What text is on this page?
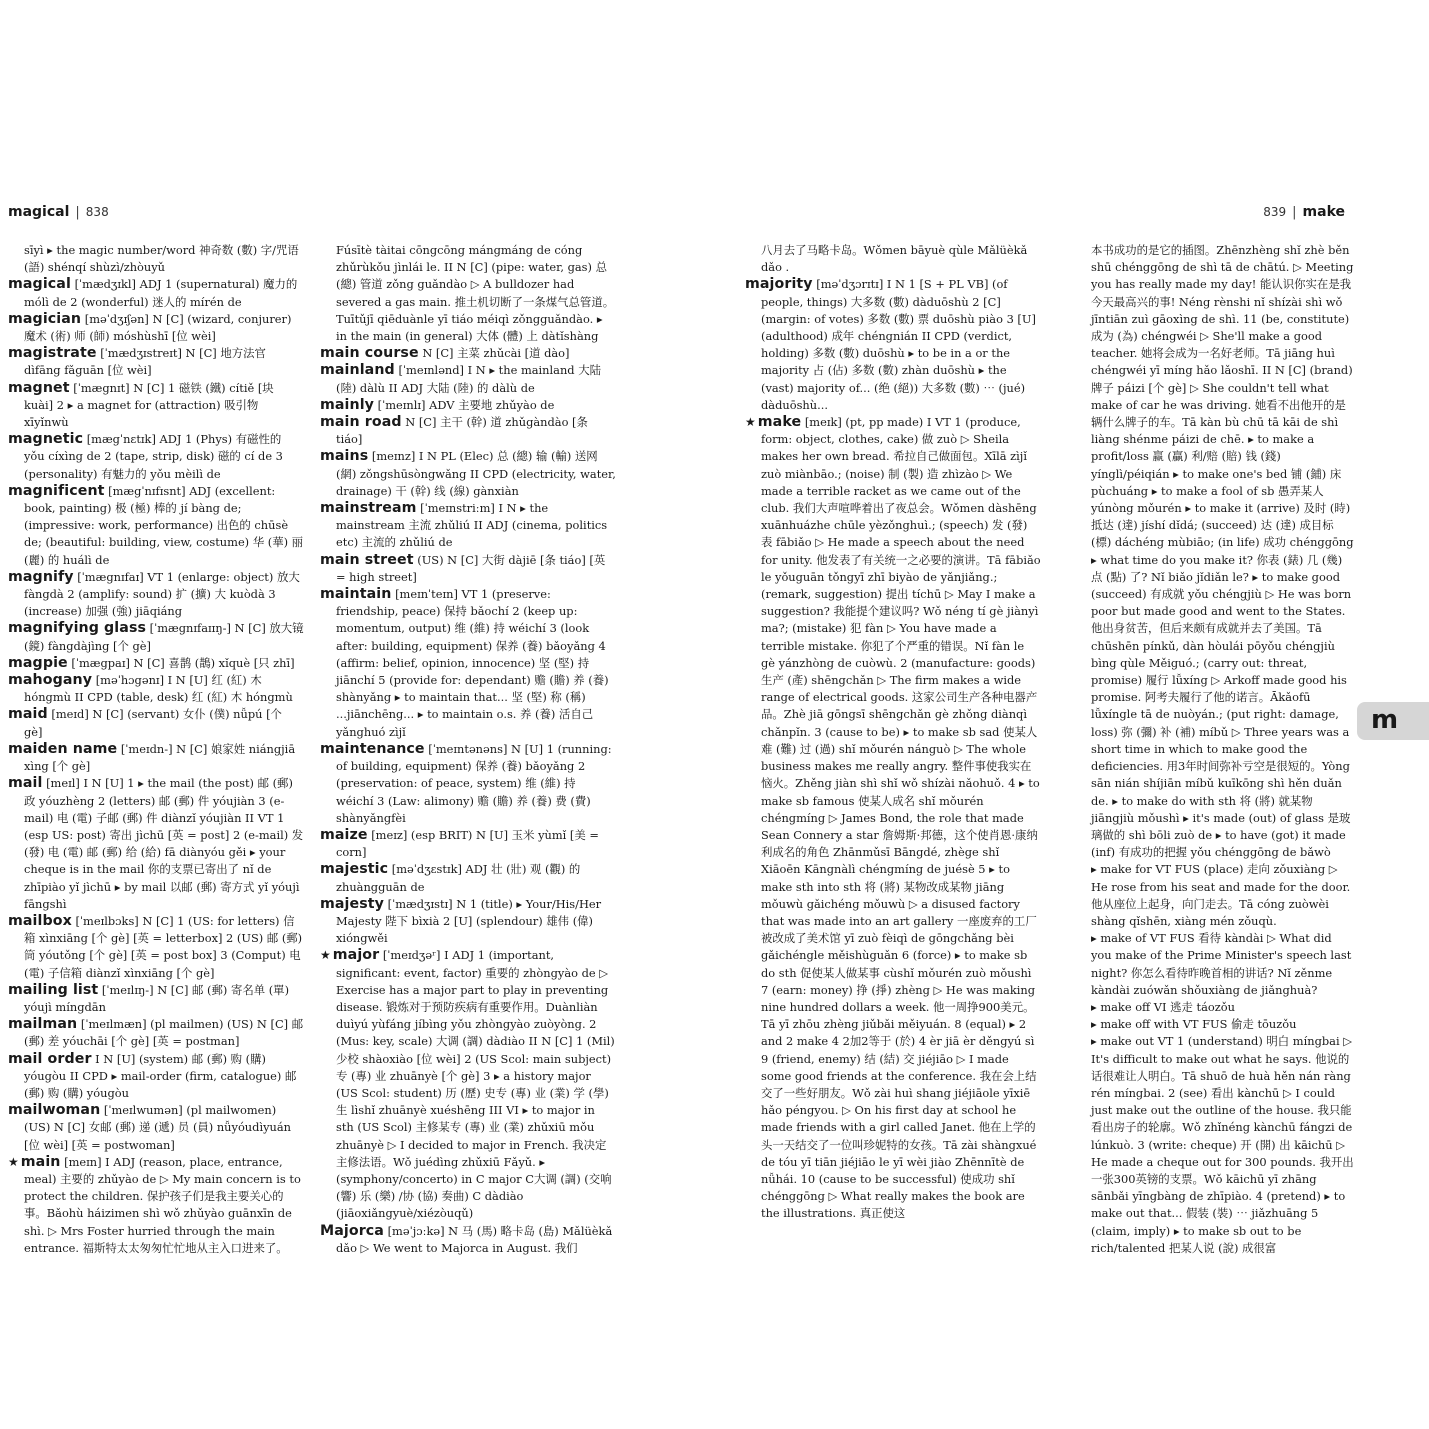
magical | 838

sīyì ▸ the magic number/word 神奇数 (數) 字/咒语 (語) shénqí shùzì/zhòuyǔ

magical [ˈmædʒɪkl] ADJ 1 (supernatural) 魔力的 mólì de 2 (wonderful) 迷人的 mírén de

magician [məˈdʒɪʃən] N [C] (wizard, conjurer) 魔术 (術) 师 (師) móshùshī [位 wèi]

magistrate [ˈmædʒɪstreɪt] N [C] 地方法官 dìfāng fǎguān [位 wèi]

magnet [ˈmægnɪt] N [C] 1 磁铁 (鐵) cítiě [块 kuài] 2 ▸ a magnet for (attraction) 吸引物 xīyǐnwù

magnetic [mægˈnɛtɪk] ADJ 1 (Phys) 有磁性的 yǒu cíxìng de 2 (tape, strip, disk) 磁的 cí de 3 (personality) 有魅力的 yǒu mèilì de

magnificent [mægˈnɪfɪsnt] ADJ (excellent: book, painting) 极 (極) 棒的 jí bàng de; (impressive: work, performance) 出色的 chūsè de; (beautiful: building, view, costume) 华 (華) 丽 (麗) 的 huálì de

magnify [ˈmægnɪfaɪ] VT 1 (enlarge: object) 放大 fàngdà 2 (amplify: sound) 扩 (擴) 大 kuòdà 3 (increase) 加强 (強) jiāqiáng

magnifying glass [ˈmægnɪfaɪɪŋ-] N [C] 放大镜 (鏡) fàngdàjìng [个 gè]

magpie [ˈmægpaɪ] N [C] 喜鹊 (鵲) xǐquè [只 zhī]

mahogany [məˈhɔgənɪ] I N [U] 红 (紅) 木 hóngmù II CPD (table, desk) 红 (紅) 木 hóngmù

maid [meɪd] N [C] (servant) 女仆 (僕) nǚpú [个 gè]

maiden name [ˈmeɪdn-] N [C] 娘家姓 niángjiā xìng [个 gè]

mail [meɪl] I N [U] 1 ▸ the mail (the post) 邮 (郵) 政 yóuzhèng 2 (letters) 邮 (郵) 件 yóujiàn 3 (e-mail) 电 (電) 子邮 (郵) 件 diànzǐ yóujiàn II VT 1 (esp US: post) 寄出 jìchū [英 = post] 2 (e-mail) 发 (發) 电 (電) 邮 (郵) 给 (給) fā diànyóu gěi ▸ your cheque is in the mail 你的支票已寄出了 nǐ de zhīpiào yǐ jìchū ▸ by mail 以邮 (郵) 寄方式 yǐ yóujì fāngshì

mailbox [ˈmeɪlbɔks] N [C] 1 (US: for letters) 信箱 xìnxiāng [个 gè] [英 = letterbox] 2 (US) 邮 (郵) 筒 yóutǒng [个 gè] [英 = post box] 3 (Comput) 电 (電) 子信箱 diànzǐ xìnxiāng [个 gè]

mailing list [ˈmeɪlɪŋ-] N [C] 邮 (郵) 寄名单 (單) yóujì míngdān

mailman [ˈmeɪlmæn] (pl mailmen) (US) N [C] 邮 (郵) 差 yóuchāi [个 gè] [英 = postman]

mail order I N [U] (system) 邮 (郵) 购 (購) yóugòu II CPD ▸ mail-order (firm, catalogue) 邮 (郵) 购 (購) yóugòu

mailwoman [ˈmeɪlwumən] (pl mailwomen) (US) N [C] 女邮 (郵) 递 (遞) 员 (員) nǚyóudìyuán [位 wèi] [英 = postwoman]

★ main [meɪn] I ADJ (reason, place, entrance, meal) 主要的 zhǔyào de ▷ My main concern is to protect the children. 保护孩子们是我主要关心的事。Bǎohù háizimen shì wǒ zhǔyào guānxīn de shì. ▷ Mrs Foster hurried through the main entrance. 福斯特太太匆匆忙忙地从主入口进来了。

Fúsītè tàitai cōngcōng mángmáng de cóng zhǔrùkǒu jìnlái le. II N [C] (pipe: water, gas) 总 (總) 管道 zǒng guǎndào ▷ A bulldozer had severed a gas main. 推土机切断了一条煤气总管道。Tuītǔjī qiēduànle yī tiáo méiqì zǒngguǎndào. ▸ in the main (in general) 大体 (體) 上 dàtǐshàng

main course N [C] 主菜 zhǔcài [道 dào]

mainland [ˈmeɪnlənd] I N ▸ the mainland 大陆 (陸) dàlù II ADJ 大陆 (陸) 的 dàlù de

mainly [ˈmeɪnlɪ] ADV 主要地 zhǔyào de

main road N [C] 主干 (幹) 道 zhǔgàndào [条 tiáo]

mains [meɪnz] I N PL (Elec) 总 (總) 输 (輸) 送网 (網) zǒngshūsòngwǎng II CPD (electricity, water, drainage) 干 (幹) 线 (線) gànxiàn

mainstream [ˈmeɪnstriːm] I N ▸ the mainstream 主流 zhǔliú II ADJ (cinema, politics etc) 主流的 zhǔliú de

main street (US) N [C] 大街 dàjiē [条 tiáo] [英 = high street]

maintain [meɪnˈteɪn] VT 1 (preserve: friendship, peace) 保持 bǎochí 2 (keep up: momentum, output) 维 (維) 持 wéichí 3 (look after: building, equipment) 保养 (養) bǎoyǎng 4 (affirm: belief, opinion, innocence) 坚 (堅) 持 jiānchí 5 (provide for: dependant) 赡 (贍) 养 (養) shànyǎng ▸ to maintain that... 坚 (堅) 称 (稱) ...jiānchēng... ▸ to maintain o.s. 养 (養) 活自己 yǎnghuó zìjǐ

maintenance [ˈmeɪntənəns] N [U] 1 (running: of building, equipment) 保养 (養) bǎoyǎng 2 (preservation: of peace, system) 维 (維) 持 wéichí 3 (Law: alimony) 赡 (贍) 养 (養) 费 (費) shànyǎngfèi

maize [meɪz] (esp BRIT) N [U] 玉米 yùmǐ [美 = corn]

majestic [məˈdʒɛstɪk] ADJ 壮 (壯) 观 (觀) 的 zhuàngguān de

majesty [ˈmædʒɪstɪ] N 1 (title) ▸ Your/His/Her Majesty 陛下 bìxià 2 [U] (splendour) 雄伟 (偉) xióngwěi

★ major [ˈmeɪdʒəʳ] I ADJ 1 (important, significant: event, factor) 重要的 zhòngyào de ▷ Exercise has a major part to play in preventing disease. 锻炼对于预防疾病有重要作用。Duànliàn duìyú yùfáng jíbìng yǒu zhòngyào zuòyòng. 2 (Mus: key, scale) 大调 (調) dàdiào II N [C] 1 (Mil) 少校 shàoxiào [位 wèi] 2 (US Scol: main subject) 专 (專) 业 zhuānyè [个 gè] 3 ▸ a history major (US Scol: student) 历 (歷) 史专 (專) 业 (業) 学 (學) 生 lìshǐ zhuānyè xuéshēng III VI ▸ to major in sth (US Scol) 主修某专 (專) 业 (業) zhǔxiū mǒu zhuānyè ▷ I decided to major in French. 我决定主修法语。Wǒ juédìng zhǔxiū Fǎyǔ. ▸ (symphony/concerto) in C major C大调 (調) (交响 (響) 乐 (樂) /协 (協) 奏曲) C dàdiào (jiāoxiǎngyuè/xiézòuqǔ)

Majorca [məˈjɔːkə] N 马 (馬) 略卡岛 (島) Mǎlüèkǎ dǎo ▷ We went to Majorca in August. 我们

839 | make

八月去了马略卡岛。Wǒmen bāyuè qùle Mǎlüèkǎ dǎo .

majority [məˈdʒɔrɪtɪ] I N 1 [S + PL VB] (of people, things) 大多数 (數) dàduōshù 2 [C] (margin: of votes) 多数 (數) 票 duōshù piào 3 [U] (adulthood) 成年 chéngnián II CPD (verdict, holding) 多数 (數) duōshù ▸ to be in a or the majority 占 (佔) 多数 (數) zhàn duōshù ▸ the (vast) majority of... (绝 (絕)) 大多数 (數) ⋯ (jué) dàduōshù...

★ make [meɪk] (pt, pp made) I VT 1 (produce, form: object, clothes, cake) 做 zuò ▷ Sheila makes her own bread. 希拉自己做面包。Xīlā zìjǐ zuò miànbāo.; (noise) 制 (製) 造 zhìzào ▷ We made a terrible racket as we came out of the club. 我们大声喧哗着出了夜总会。Wǒmen dàshēng xuānhuázhe chūle yèzǒnghuì.; (speech) 发 (發) 表 fābiǎo ▷ He made a speech about the need for unity. 他发表了有关统一之必要的演讲。Tā fābiǎo le yǒuguān tǒngyī zhī biyào de yǎnjiǎng.; (remark, suggestion) 提出 tíchū ▷ May I make a suggestion? 我能提个建议吗? Wǒ néng tí gè jiànyì ma?; (mistake) 犯 fàn ▷ You have made a terrible mistake. 你犯了个严重的错误。Nǐ fàn le gè yánzhòng de cuòwù. 2 (manufacture: goods) 生产 (產) shēngchǎn ▷ The firm makes a wide range of electrical goods. 这家公司生产各种电器产品。Zhè jiā gōngsī shēngchǎn gè zhǒng diànqì chǎnpǐn. 3 (cause to be) ▸ to make sb sad 使某人难 (難) 过 (過) shǐ mǒurén nánguò ▷ The whole business makes me really angry. 整件事使我实在恼火。Zhěng jiàn shì shǐ wǒ shízài nǎohuǒ. 4 ▸ to make sb famous 使某人成名 shǐ mǒurén chéngmíng ▷ James Bond, the role that made Sean Connery a star 詹姆斯·邦德，这个使肖恩·康纳利成名的角色 Zhānmǔsī Bāngdé, zhège shǐ Xiāoēn Kāngnàlì chéngmíng de juésè 5 ▸ to make sth into sth 将 (將) 某物改成某物 jiāng mǒuwù gǎichéng mǒuwù ▷ a disused factory that was made into an art gallery 一座废弃的工厂被改成了美术馆 yī zuò fèiqì de gōngchǎng bèi gǎichéngle měishùguǎn 6 (force) ▸ to make sb do sth 促使某人做某事 cùshǐ mǒurén zuò mǒushì 7 (earn: money) 挣 (掙) zhèng ▷ He was making nine hundred dollars a week. 他一周挣900美元。Tā yī zhōu zhèng jiǔbǎi měiyuán. 8 (equal) ▸ 2 and 2 make 4 2加2等于 (於) 4 èr jiā èr děngyú sì 9 (friend, enemy) 结 (結) 交 jiéjiāo ▷ I made some good friends at the conference. 我在会上结交了一些好朋友。Wǒ zài huì shang jiéjiāole yīxiē hǎo péngyou. ▷ On his first day at school he made friends with a girl called Janet. 他在上学的头一天结交了一位叫珍妮特的女孩。Tā zài shàngxué de tóu yī tiān jiéjiāo le yī wèi jiào Zhēnnītè de nǚhái. 10 (cause to be successful) 使成功 shǐ chénggōng ▷ What really makes the book are the illustrations. 真正使这

本书成功的是它的插图。Zhēnzhèng shǐ zhè běn shū chénggōng de shì tā de chātú. ▷ Meeting you has really made my day! 能认识你实在是我今天最高兴的事! Néng rènshi nǐ shízài shì wǒ jīntiān zuì gāoxìng de shì. 11 (be, constitute) 成为 (為) chéngwéi ▷ She'll make a good teacher. 她将会成为一名好老师。Tā jiāng huì chéngwéi yī míng hǎo lǎoshī. II N [C] (brand) 牌子 páizi [个 gè] ▷ She couldn't tell what make of car he was driving. 她看不出他开的是辆什么牌子的车。Tā kàn bù chū tā kāi de shì liàng shénme páizi de chē. ▸ to make a profit/loss 赢 (贏) 利/赔 (賠) 钱 (錢) yínglì/péiqián ▸ to make one's bed 铺 (鋪) 床 pùchuáng ▸ to make a fool of sb 愚弄某人 yúnòng mǒurén ▸ to make it (arrive) 及时 (時) 抵达 (達) jíshí dǐdá; (succeed) 达 (達) 成目标 (標) dáchéng mùbiāo; (in life) 成功 chénggōng ▸ what time do you make it? 你表 (錶) 几 (幾) 点 (點) 了? Nǐ biǎo jǐdiǎn le? ▸ to make good (succeed) 有成就 yǒu chéngjiù ▷ He was born poor but made good and went to the States. 他出身贫苦，但后来颇有成就并去了美国。Tā chūshēn pínkǔ, dàn hòulái pōyǒu chéngjiù bìng qùle Měiguó.; (carry out: threat, promise) 履行 lǚxíng ▷ Arkoff made good his promise. 阿考夫履行了他的诺言。Ākǎofū lǚxíngle tā de nuòyán.; (put right: damage, loss) 弥 (彌) 补 (補) míbǔ ▷ Three years was a short time in which to make good the deficiencies. 用3年时间弥补亏空是很短的。Yòng sān nián shíjiān míbǔ kuīkōng shì hěn duǎn de. ▸ to make do with sth 将 (將) 就某物 jiāngjiù mǒushì ▸ it's made (out) of glass 是玻璃做的 shì bōli zuò de ▸ to have (got) it made (inf) 有成功的把握 yǒu chénggōng de bǎwò

▸ make for VT FUS (place) 走向 zǒuxiàng ▷ He rose from his seat and made for the door. 他从座位上起身，向门走去。Tā cóng zuòwèi shàng qǐshēn, xiàng mén zǒuqù.

▸ make of VT FUS 看待 kàndài ▷ What did you make of the Prime Minister's speech last night? 你怎么看待昨晚首相的讲话? Nǐ zěnme kàndài zuówǎn shǒuxiàng de jiǎnghuà?

▸ make off VI 逃走 táozǒu

▸ make off with VT FUS 偷走 tōuzǒu

▸ make out VT 1 (understand) 明白 míngbai ▷ It's difficult to make out what he says. 他说的话很难让人明白。Tā shuō de huà hěn nán ràng rén míngbai. 2 (see) 看出 kànchū ▷ I could just make out the outline of the house. 我只能看出房子的轮廓。Wǒ zhǐnéng kànchū fángzi de lúnkuò. 3 (write: cheque) 开 (開) 出 kāichū ▷ He made a cheque out for 300 pounds. 我开出一张300英镑的支票。Wǒ kāichū yī zhāng sānbǎi yīngbàng de zhīpiào. 4 (pretend) ▸ to make out that... 假装 (裝) ⋯ jiǎzhuāng 5 (claim, imply) ▸ to make sb out to be rich/talented 把某人说 (說) 成很富

m
